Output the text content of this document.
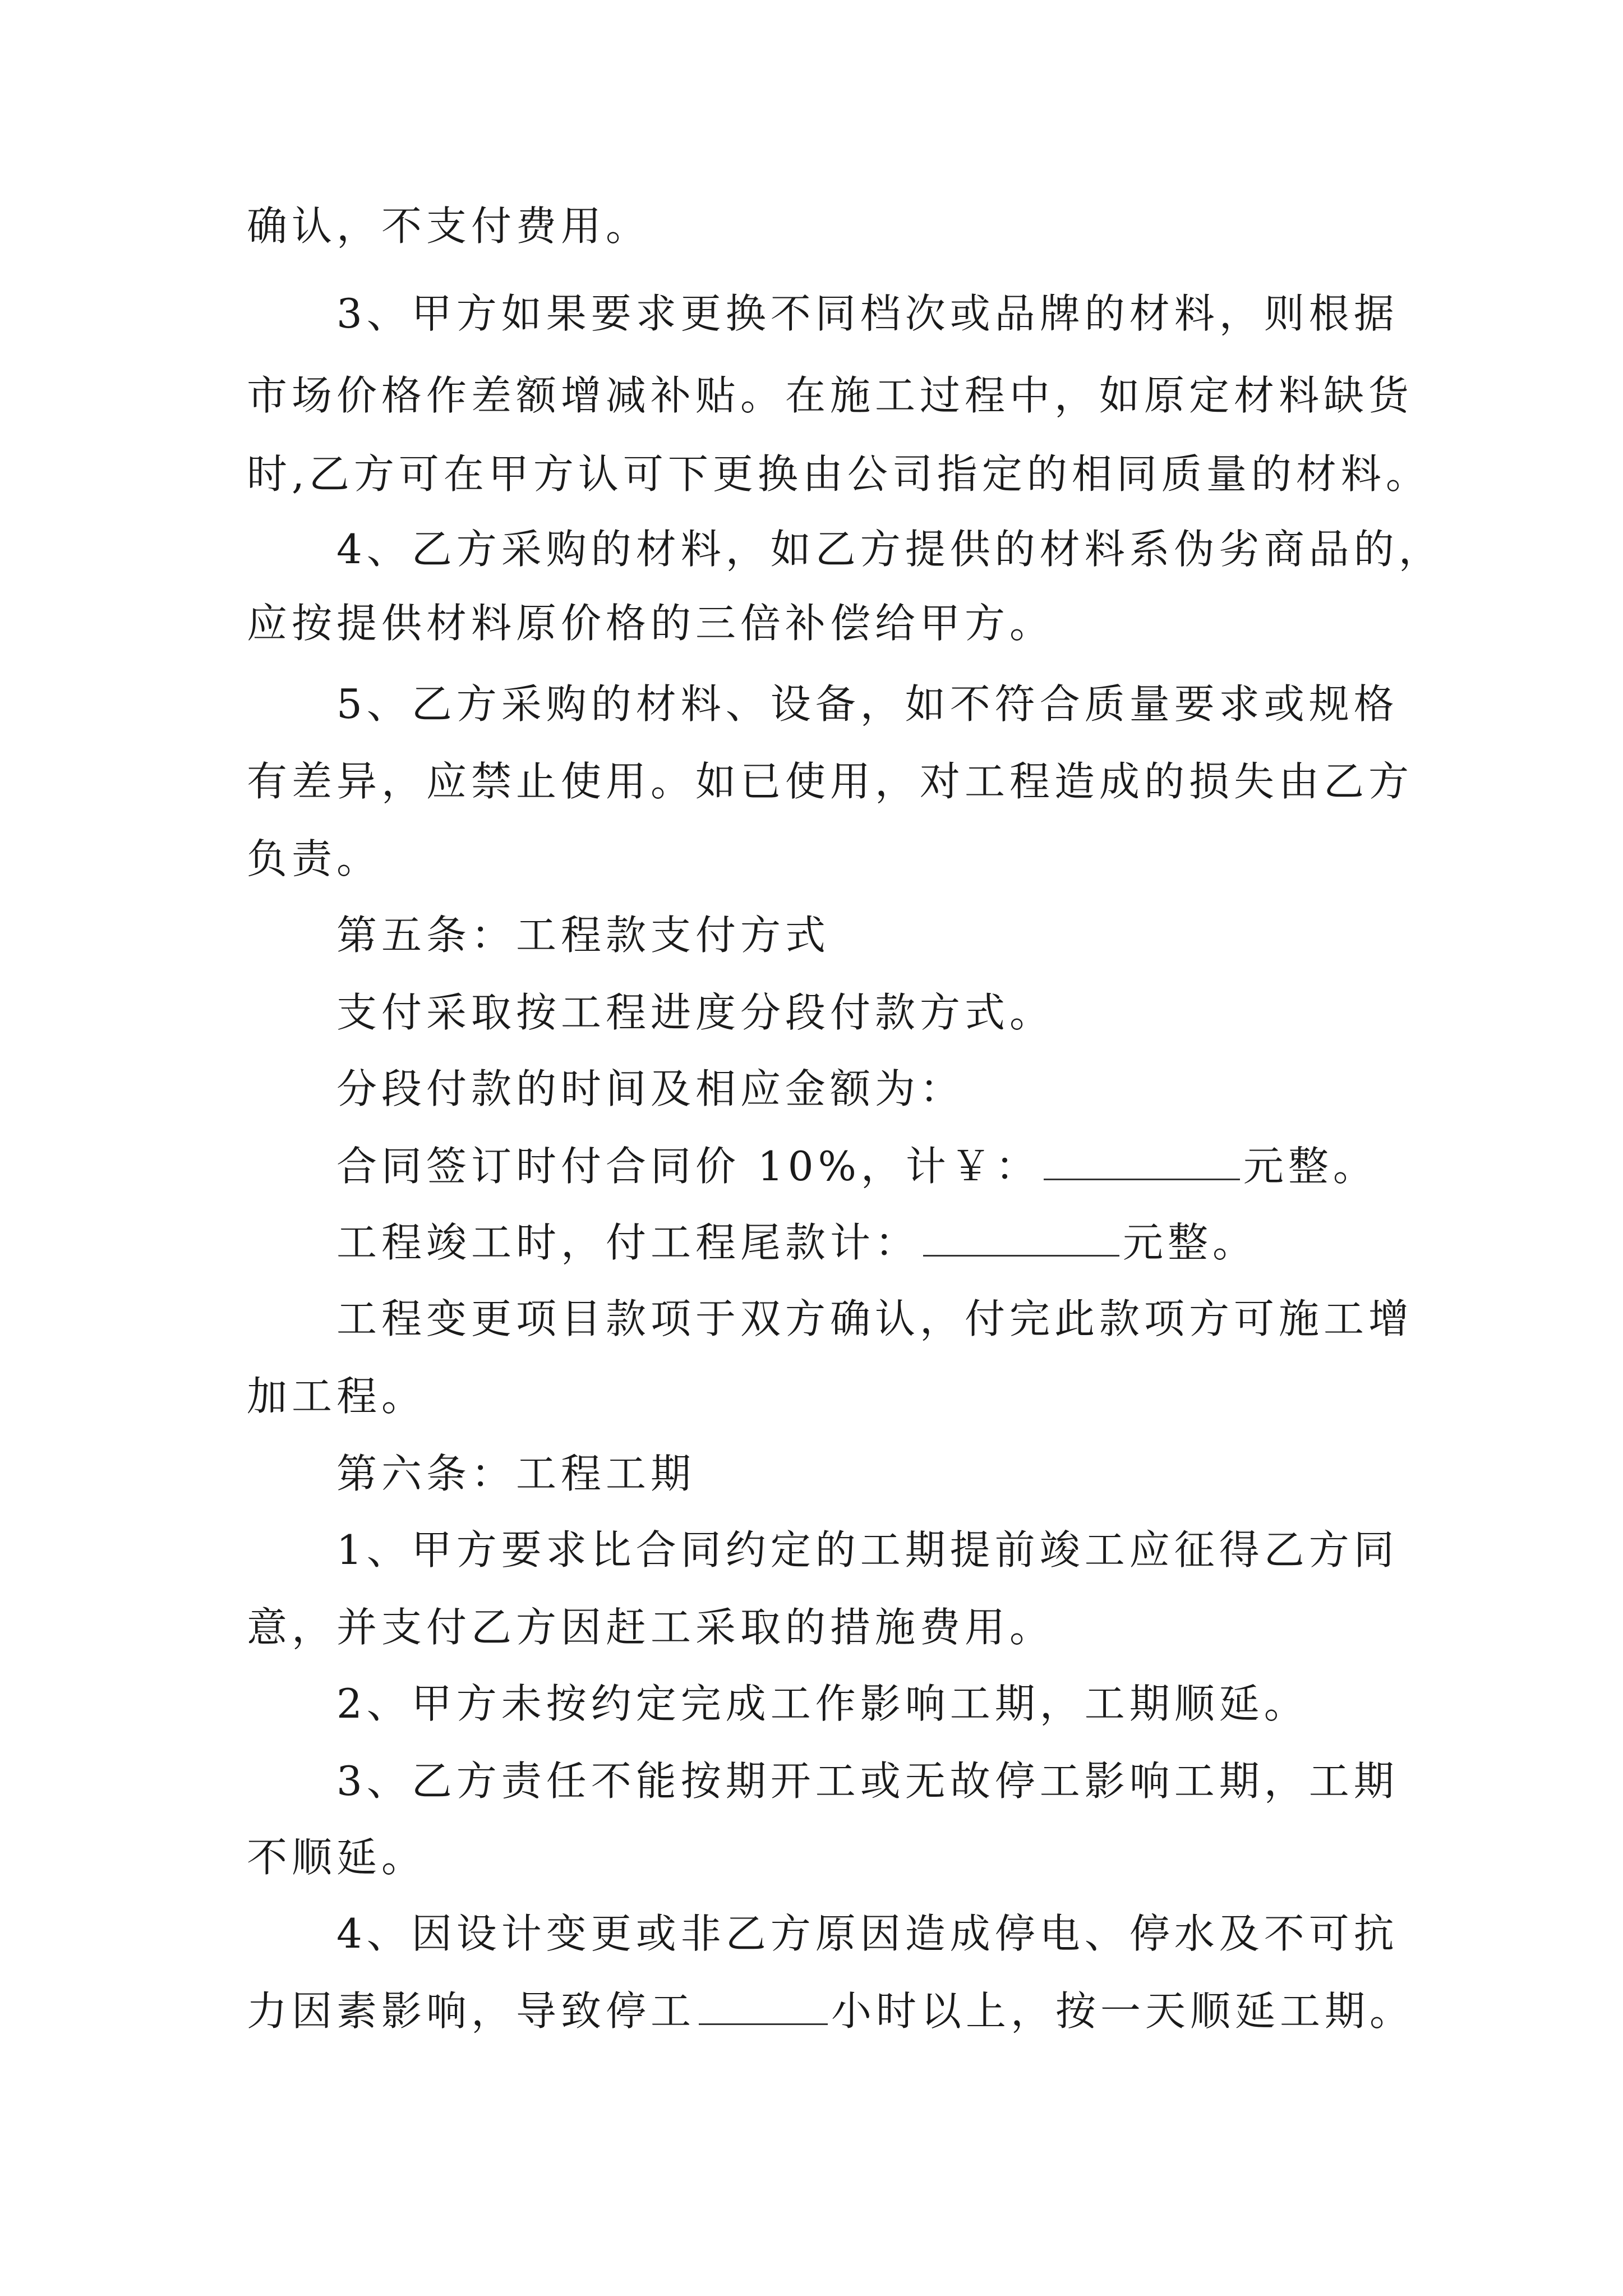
确认，不支付费用。
3、甲方如果要求更换不同档次或品牌的材料，则根据
市场价格作差额增减补贴。在施工过程中，如原定材料缺货
时,乙方可在甲方认可下更换由公司指定的相同质量的材料。
4、乙方采购的材料，如乙方提供的材料系伪劣商品的，
应按提供材料原价格的三倍补偿给甲方。
5、乙方采购的材料、设备，如不符合质量要求或规格
有差异，应禁止使用。如已使用，对工程造成的损失由乙方
负责。
第五条：工程款支付方式
支付采取按工程进度分段付款方式。
分段付款的时间及相应金额为：
合同签订时付合同价 10%，计￥：	元整。
工程竣工时，付工程尾款计：	元整。
工程变更项目款项于双方确认，付完此款项方可施工增
加工程。
第六条：工程工期
1、甲方要求比合同约定的工期提前竣工应征得乙方同
意，并支付乙方因赶工采取的措施费用。
2、甲方未按约定完成工作影响工期，工期顺延。
3、乙方责任不能按期开工或无故停工影响工期，工期
不顺延。
4、因设计变更或非乙方原因造成停电、停水及不可抗
力因素影响，导致停工	小时以上，按一天顺延工期。
